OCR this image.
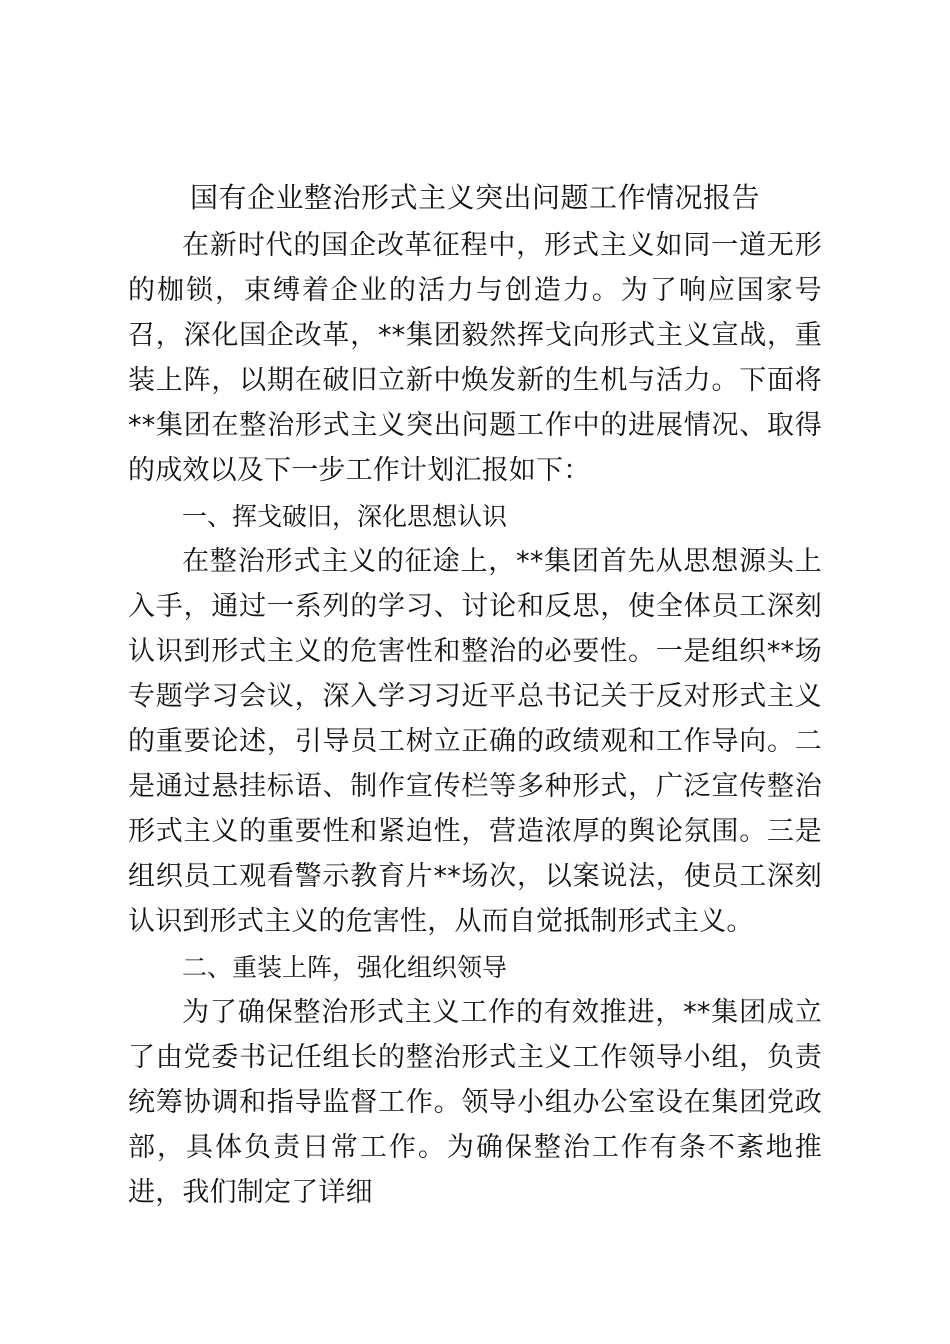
国有企业整治形式主义突出问题工作情况报告

在新时代的国企改革征程中，形式主义如同一道无形的枷锁，束缚着企业的活力与创造力。为了响应国家号召，深化国企改革，**集团毅然挥戈向形式主义宣战，重装上阵，以期在破旧立新中焕发新的生机与活力。下面将**集团在整治形式主义突出问题工作中的进展情况、取得的成效以及下一步工作计划汇报如下：

一、挥戈破旧，深化思想认识

在整治形式主义的征途上，**集团首先从思想源头上入手，通过一系列的学习、讨论和反思，使全体员工深刻认识到形式主义的危害性和整治的必要性。一是组织**场专题学习会议，深入学习习近平总书记关于反对形式主义的重要论述，引导员工树立正确的政绩观和工作导向。二是通过悬挂标语、制作宣传栏等多种形式，广泛宣传整治形式主义的重要性和紧迫性，营造浓厚的舆论氛围。三是组织员工观看警示教育片**场次，以案说法，使员工深刻认识到形式主义的危害性，从而自觉抵制形式主义。

二、重装上阵，强化组织领导

为了确保整治形式主义工作的有效推进，**集团成立了由党委书记任组长的整治形式主义工作领导小组，负责统筹协调和指导监督工作。领导小组办公室设在集团党政部，具体负责日常工作。为确保整治工作有条不紊地推进，我们制定了详细
